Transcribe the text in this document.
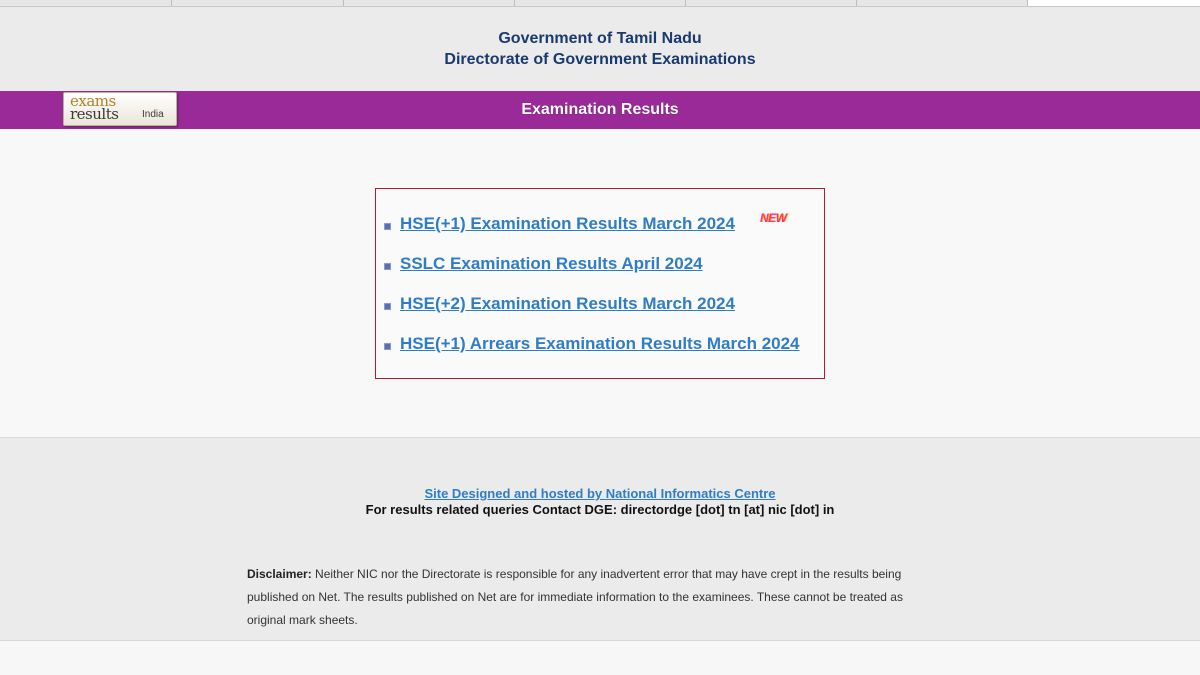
Government of Tamil Nadu
Directorate of Government Examinations
Examination Results
exams
results India
HSE(+1) Examination Results March 2024 NEW
SSLC Examination Results April 2024
HSE(+2) Examination Results March 2024
HSE(+1) Arrears Examination Results March 2024
Site Designed and hosted by National Informatics Centre
For results related queries Contact DGE: directordge [dot] tn [at] nic [dot] in
Disclaimer: Neither NIC nor the Directorate is responsible for any inadvertent error that may have crept in the results being published on Net. The results published on Net are for immediate information to the examinees. These cannot be treated as original mark sheets.
